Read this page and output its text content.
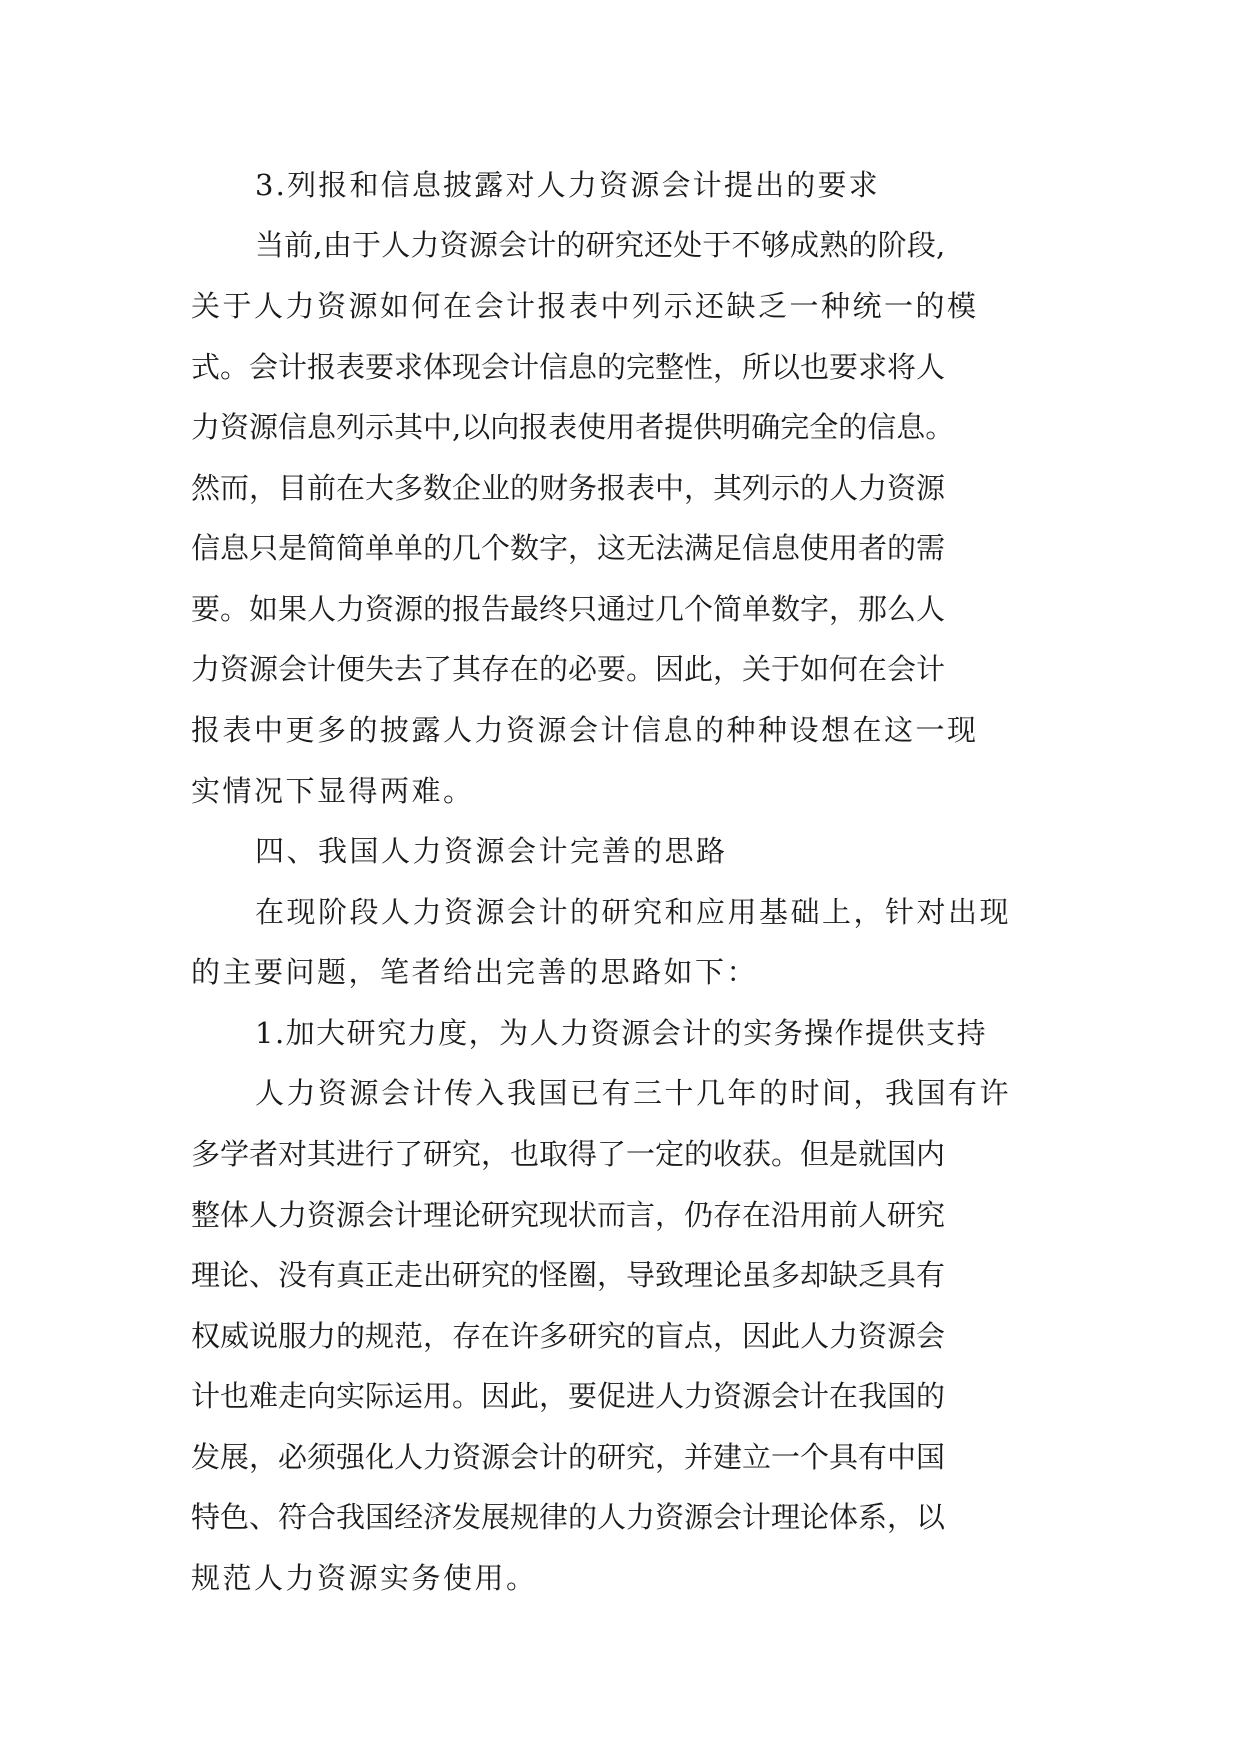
3.列报和信息披露对人力资源会计提出的要求
当前,由于人力资源会计的研究还处于不够成熟的阶段,
关于人力资源如何在会计报表中列示还缺乏一种统一的模
式。会计报表要求体现会计信息的完整性，所以也要求将人
力资源信息列示其中,以向报表使用者提供明确完全的信息。
然而，目前在大多数企业的财务报表中，其列示的人力资源
信息只是简简单单的几个数字，这无法满足信息使用者的需
要。如果人力资源的报告最终只通过几个简单数字，那么人
力资源会计便失去了其存在的必要。因此，关于如何在会计
报表中更多的披露人力资源会计信息的种种设想在这一现
实情况下显得两难。
四、我国人力资源会计完善的思路
在现阶段人力资源会计的研究和应用基础上，针对出现
的主要问题，笔者给出完善的思路如下：
1.加大研究力度，为人力资源会计的实务操作提供支持
人力资源会计传入我国已有三十几年的时间，我国有许
多学者对其进行了研究，也取得了一定的收获。但是就国内
整体人力资源会计理论研究现状而言，仍存在沿用前人研究
理论、没有真正走出研究的怪圈，导致理论虽多却缺乏具有
权威说服力的规范，存在许多研究的盲点，因此人力资源会
计也难走向实际运用。因此，要促进人力资源会计在我国的
发展，必须强化人力资源会计的研究，并建立一个具有中国
特色、符合我国经济发展规律的人力资源会计理论体系，以
规范人力资源实务使用。
